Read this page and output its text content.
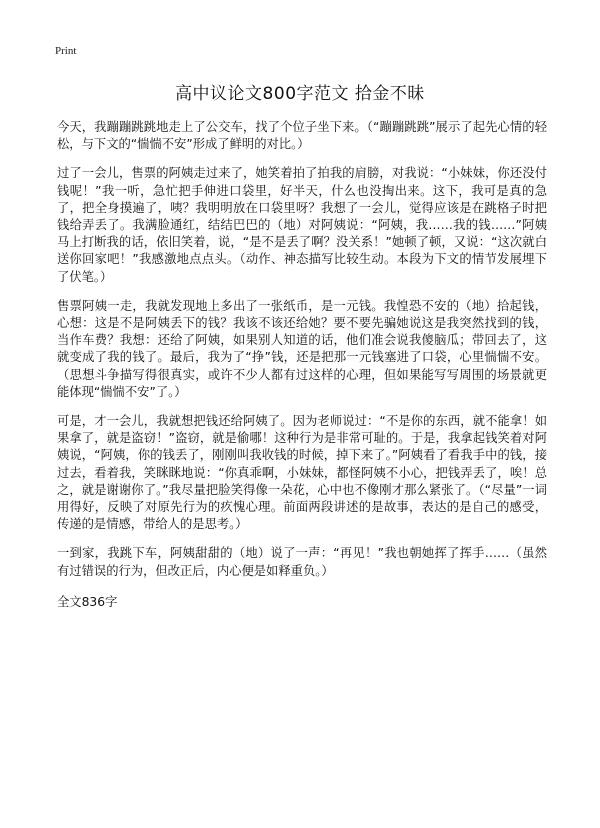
Print
高中议论文800字范文 拾金不昧

今天，我蹦蹦跳跳地走上了公交车，找了个位子坐下来。（“蹦蹦跳跳”展示了起先心情的轻松，与下文的“惴惴不安”形成了鲜明的对比。）

过了一会儿，售票的阿姨走过来了，她笑着拍了拍我的肩膀，对我说：“小妹妹，你还没付钱呢！”我一听，急忙把手伸进口袋里，好半天，什么也没掏出来。这下，我可是真的急了，把全身摸遍了，咦？我明明放在口袋里呀？我想了一会儿，觉得应该是在跳格子时把钱给弄丢了。我满脸通红，结结巴巴的（地）对阿姨说：“阿姨，我……我的钱……”阿姨马上打断我的话，依旧笑着，说，“是不是丢了啊？没关系！”她顿了顿，又说：“这次就白送你回家吧！”我感激地点点头。（动作、神态描写比较生动。本段为下文的情节发展埋下了伏笔。）

售票阿姨一走，我就发现地上多出了一张纸币，是一元钱。我惶恐不安的（地）拾起钱，心想：这是不是阿姨丢下的钱？我该不该还给她？要不要先骗她说这是我突然找到的钱，当作车费？我想：还给了阿姨，如果别人知道的话，他们准会说我傻脑瓜；带回去了，这就变成了我的钱了。最后，我为了“挣”钱，还是把那一元钱塞进了口袋，心里惴惴不安。（思想斗争描写得很真实，或许不少人都有过这样的心理，但如果能写写周围的场景就更能体现“惴惴不安”了。）

可是，才一会儿，我就想把钱还给阿姨了。因为老师说过：“不是你的东西，就不能拿！如果拿了，就是盗窃！”盗窃，就是偷哪！这种行为是非常可耻的。于是，我拿起钱笑着对阿姨说，“阿姨，你的钱丢了，刚刚叫我收钱的时候，掉下来了。”阿姨看了看我手中的钱，接过去，看着我，笑眯眯地说：“你真乖啊，小妹妹，都怪阿姨不小心，把钱弄丢了，唉！总之，就是谢谢你了。”我尽量把脸笑得像一朵花，心中也不像刚才那么紧张了。（“尽量”一词用得好，反映了对原先行为的疚愧心理。前面两段讲述的是故事，表达的是自己的感受，传递的是情感，带给人的是思考。）

一到家，我跳下车，阿姨甜甜的（地）说了一声：“再见！”我也朝她挥了挥手……（虽然有过错误的行为，但改正后，内心便是如释重负。）

全文836字
